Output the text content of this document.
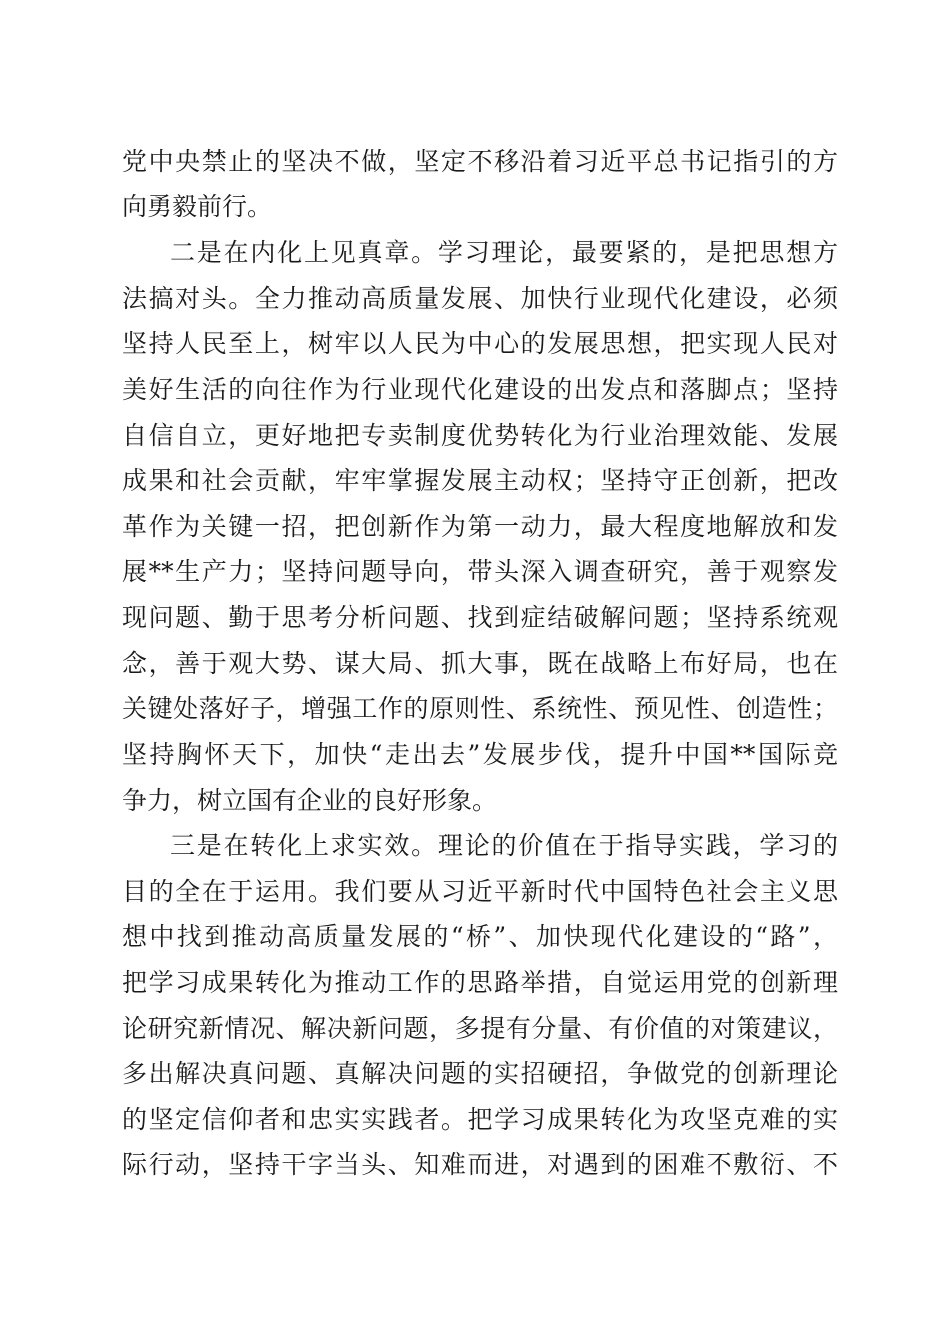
党中央禁止的坚决不做，坚定不移沿着习近平总书记指引的方
向勇毅前行。
二是在内化上见真章。学习理论，最要紧的，是把思想方
法搞对头。全力推动高质量发展、加快行业现代化建设，必须
坚持人民至上，树牢以人民为中心的发展思想，把实现人民对
美好生活的向往作为行业现代化建设的出发点和落脚点；坚持
自信自立，更好地把专卖制度优势转化为行业治理效能、发展
成果和社会贡献，牢牢掌握发展主动权；坚持守正创新，把改
革作为关键一招，把创新作为第一动力，最大程度地解放和发
展**生产力；坚持问题导向，带头深入调查研究，善于观察发
现问题、勤于思考分析问题、找到症结破解问题；坚持系统观
念，善于观大势、谋大局、抓大事，既在战略上布好局，也在
关键处落好子，增强工作的原则性、系统性、预见性、创造性；
坚持胸怀天下，加快“走出去”发展步伐，提升中国**国际竞
争力，树立国有企业的良好形象。
三是在转化上求实效。理论的价值在于指导实践，学习的
目的全在于运用。我们要从习近平新时代中国特色社会主义思
想中找到推动高质量发展的“桥”、加快现代化建设的“路”，
把学习成果转化为推动工作的思路举措，自觉运用党的创新理
论研究新情况、解决新问题，多提有分量、有价值的对策建议，
多出解决真问题、真解决问题的实招硬招，争做党的创新理论
的坚定信仰者和忠实实践者。把学习成果转化为攻坚克难的实
际行动，坚持干字当头、知难而进，对遇到的困难不敷衍、不
